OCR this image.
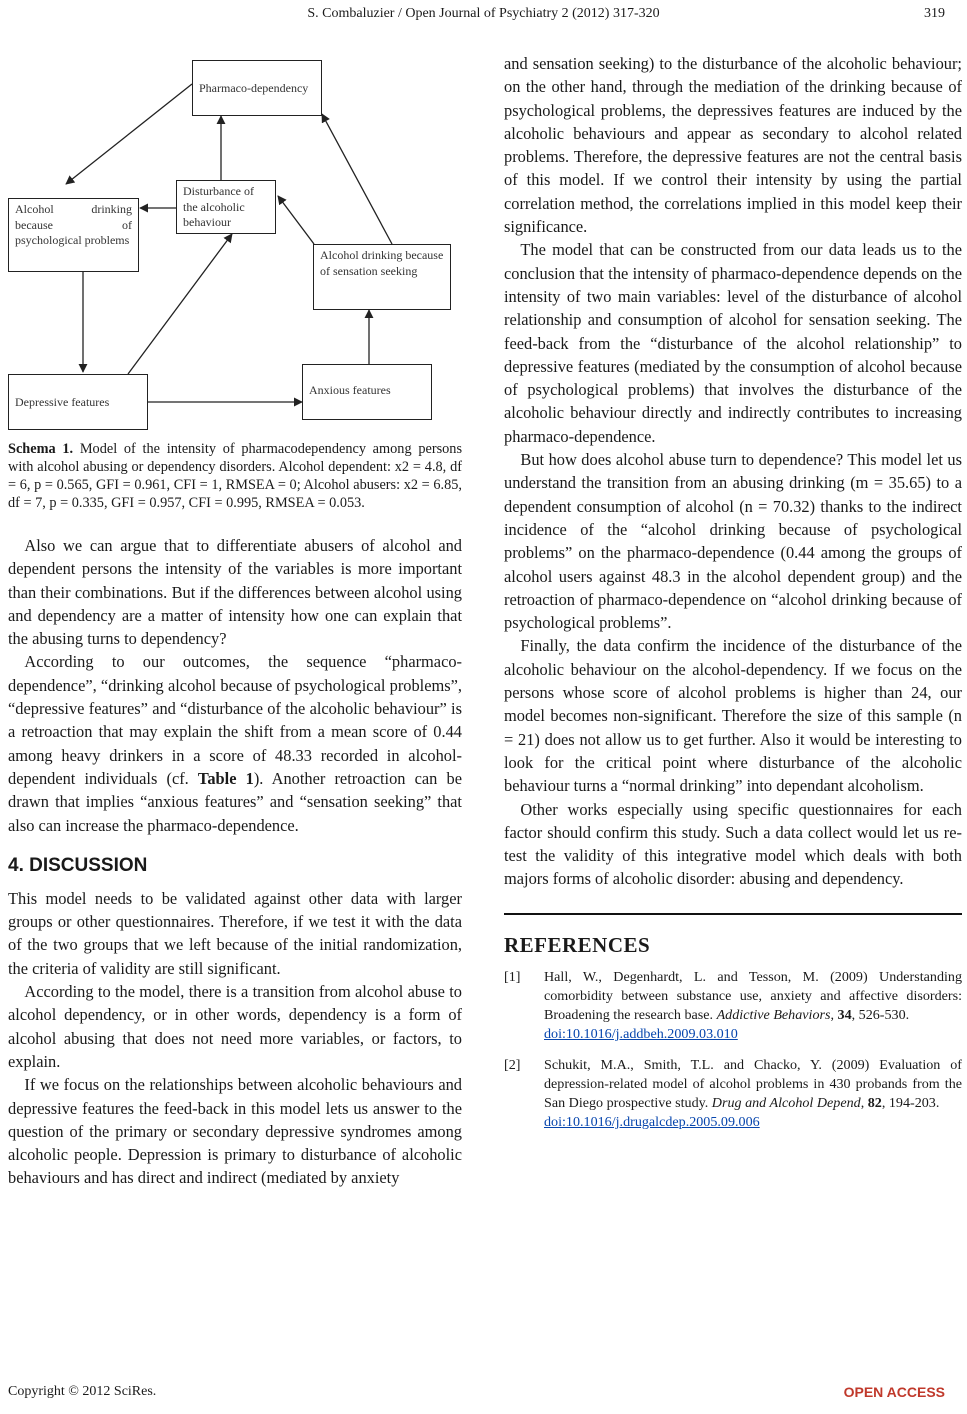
S. Combaluzier / Open Journal of Psychiatry 2 (2012) 317-320	319
Pharmaco-dependency
Disturbance of the alcoholic behaviour
Alcohol drinking because of psychological problems
Alcohol drinking because of sensation seeking
Depressive features
Anxious features
Schema 1. Model of the intensity of pharmacodependency among persons with alcohol abusing or dependency disorders. Alcohol dependent: x2 = 4.8, df = 6, p = 0.565, GFI = 0.961, CFI = 1, RMSEA = 0; Alcohol abusers: x2 = 6.85, df = 7, p = 0.335, GFI = 0.957, CFI = 0.995, RMSEA = 0.053.

Also we can argue that to differentiate abusers of alcohol and dependent persons the intensity of the variables is more important than their combinations. But if the differences between alcohol using and dependency are a matter of intensity how one can explain that the abusing turns to dependency?

According to our outcomes, the sequence “pharmaco-dependence”, “drinking alcohol because of psychological problems”, “depressive features” and “disturbance of the alcoholic behaviour” is a retroaction that may explain the shift from a mean score of 0.44 among heavy drinkers in a score of 48.33 recorded in alcohol-dependent individuals (cf. Table 1). Another retroaction can be drawn that implies “anxious features” and “sensation seeking” that also can increase the pharmaco-dependence.

4. DISCUSSION

This model needs to be validated against other data with larger groups or other questionnaires. Therefore, if we test it with the data of the two groups that we left because of the initial randomization, the criteria of validity are still significant.

According to the model, there is a transition from alcohol abuse to alcohol dependency, or in other words, dependency is a form of alcohol abusing that does not need more variables, or factors, to explain.

If we focus on the relationships between alcoholic behaviours and depressive features the feed-back in this model lets us answer to the question of the primary or secondary depressive syndromes among alcoholic people. Depression is primary to disturbance of alcoholic behaviours and has direct and indirect (mediated by anxiety

and sensation seeking) to the disturbance of the alcoholic behaviour; on the other hand, through the mediation of the drinking because of psychological problems, the depressives features are induced by the alcoholic behaviours and appear as secondary to alcohol related problems. Therefore, the depressive features are not the central basis of this model. If we control their intensity by using the partial correlation method, the correlations implied in this model keep their significance.

The model that can be constructed from our data leads us to the conclusion that the intensity of pharmaco-dependence depends on the intensity of two main variables: level of the disturbance of alcohol relationship and consumption of alcohol for sensation seeking. The feed-back from the “disturbance of the alcohol relationship” to depressive features (mediated by the consumption of alcohol because of psychological problems) that involves the disturbance of the alcoholic behaviour directly and indirectly contributes to increasing pharmaco-dependence.

But how does alcohol abuse turn to dependence? This model let us understand the transition from an abusing drinking (m = 35.65) to a dependent consumption of alcohol (n = 70.32) thanks to the indirect incidence of the “alcohol drinking because of psychological problems” on the pharmaco-dependence (0.44 among the groups of alcohol users against 48.3 in the alcohol dependent group) and the retroaction of pharmaco-dependence on “alcohol drinking because of psychological problems”.

Finally, the data confirm the incidence of the disturbance of the alcoholic behaviour on the alcohol-dependency. If we focus on the persons whose score of alcohol problems is higher than 24, our model becomes non-significant. Therefore the size of this sample (n = 21) does not allow us to get further. Also it would be interesting to look for the critical point where disturbance of the alcoholic behaviour turns a “normal drinking” into dependant alcoholism.

Other works especially using specific questionnaires for each factor should confirm this study. Such a data collect would let us re-test the validity of this integrative model which deals with both majors forms of alcoholic disorder: abusing and dependency.

REFERENCES
[1]	Hall, W., Degenhardt, L. and Tesson, M. (2009) Understanding comorbidity between substance use, anxiety and affective disorders: Broadening the research base. Addictive Behaviors, 34, 526-530.
doi:10.1016/j.addbeh.2009.03.010
[2]	Schukit, M.A., Smith, T.L. and Chacko, Y. (2009) Evaluation of depression-related model of alcohol problems in 430 probands from the San Diego prospective study. Drug and Alcohol Depend, 82, 194-203.
doi:10.1016/j.drugalcdep.2005.09.006
Copyright © 2012 SciRes.	OPEN ACCESS
